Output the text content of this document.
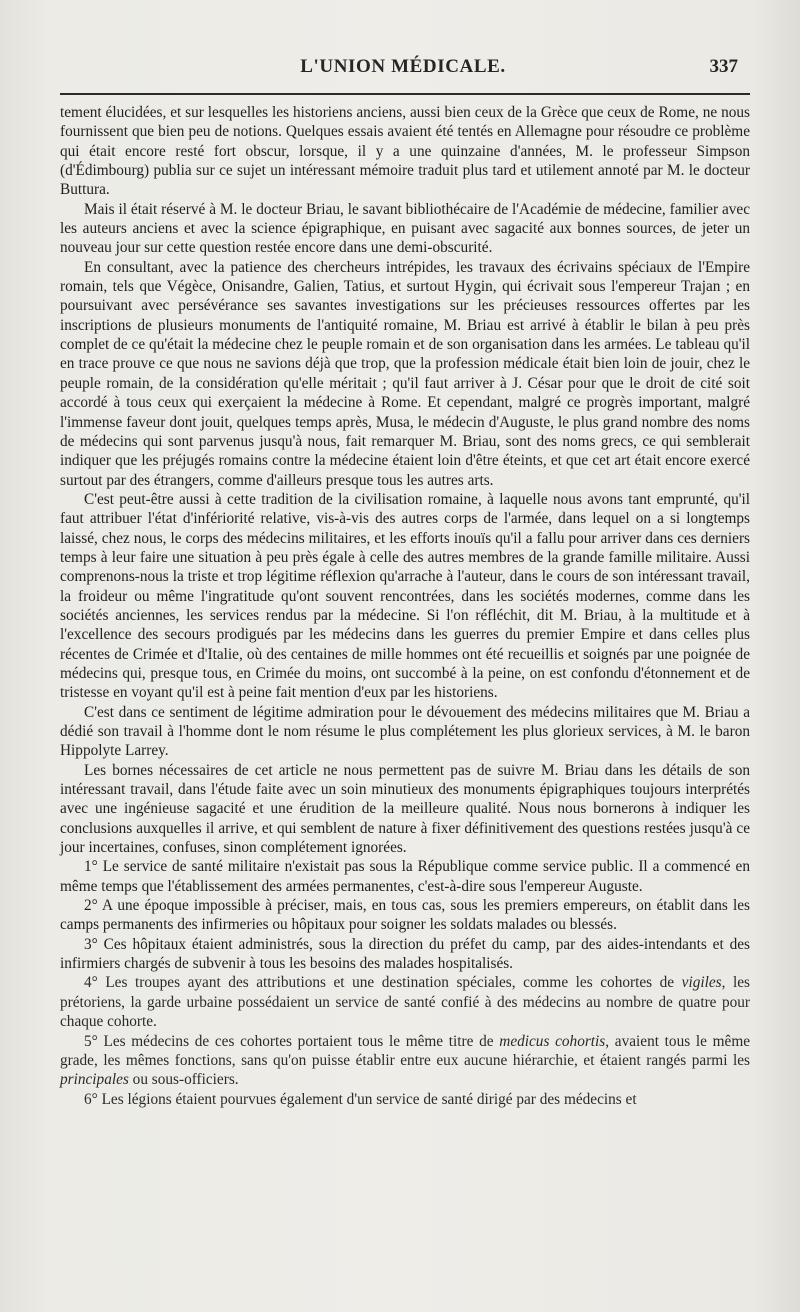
L'UNION MÉDICALE.	337

tement élucidées, et sur lesquelles les historiens anciens, aussi bien ceux de la Grèce que ceux de Rome, ne nous fournissent que bien peu de notions. Quelques essais avaient été tentés en Allemagne pour résoudre ce problème qui était encore resté fort obscur, lorsque, il y a une quinzaine d'années, M. le professeur Simpson (d'Édimbourg) publia sur ce sujet un intéressant mémoire traduit plus tard et utilement annoté par M. le docteur Buttura.

Mais il était réservé à M. le docteur Briau, le savant bibliothécaire de l'Académie de médecine, familier avec les auteurs anciens et avec la science épigraphique, en puisant avec sagacité aux bonnes sources, de jeter un nouveau jour sur cette question restée encore dans une demi-obscurité.

En consultant, avec la patience des chercheurs intrépides, les travaux des écrivains spéciaux de l'Empire romain, tels que Végèce, Onisandre, Galien, Tatius, et surtout Hygin, qui écrivait sous l'empereur Trajan ; en poursuivant avec persévérance ses savantes investigations sur les précieuses ressources offertes par les inscriptions de plusieurs monuments de l'antiquité romaine, M. Briau est arrivé à établir le bilan à peu près complet de ce qu'était la médecine chez le peuple romain et de son organisation dans les armées. Le tableau qu'il en trace prouve ce que nous ne savions déjà que trop, que la profession médicale était bien loin de jouir, chez le peuple romain, de la considération qu'elle méritait ; qu'il faut arriver à J. César pour que le droit de cité soit accordé à tous ceux qui exerçaient la médecine à Rome. Et cependant, malgré ce progrès important, malgré l'immense faveur dont jouit, quelques temps après, Musa, le médecin d'Auguste, le plus grand nombre des noms de médecins qui sont parvenus jusqu'à nous, fait remarquer M. Briau, sont des noms grecs, ce qui semblerait indiquer que les préjugés romains contre la médecine étaient loin d'être éteints, et que cet art était encore exercé surtout par des étrangers, comme d'ailleurs presque tous les autres arts.

C'est peut-être aussi à cette tradition de la civilisation romaine, à laquelle nous avons tant emprunté, qu'il faut attribuer l'état d'infériorité relative, vis-à-vis des autres corps de l'armée, dans lequel on a si longtemps laissé, chez nous, le corps des médecins militaires, et les efforts inouïs qu'il a fallu pour arriver dans ces derniers temps à leur faire une situation à peu près égale à celle des autres membres de la grande famille militaire. Aussi comprenons-nous la triste et trop légitime réflexion qu'arrache à l'auteur, dans le cours de son intéressant travail, la froideur ou même l'ingratitude qu'ont souvent rencontrées, dans les sociétés modernes, comme dans les sociétés anciennes, les services rendus par la médecine. Si l'on réfléchit, dit M. Briau, à la multitude et à l'excellence des secours prodigués par les médecins dans les guerres du premier Empire et dans celles plus récentes de Crimée et d'Italie, où des centaines de mille hommes ont été recueillis et soignés par une poignée de médecins qui, presque tous, en Crimée du moins, ont succombé à la peine, on est confondu d'étonnement et de tristesse en voyant qu'il est à peine fait mention d'eux par les historiens.

C'est dans ce sentiment de légitime admiration pour le dévouement des médecins militaires que M. Briau a dédié son travail à l'homme dont le nom résume le plus complétement les plus glorieux services, à M. le baron Hippolyte Larrey.

Les bornes nécessaires de cet article ne nous permettent pas de suivre M. Briau dans les détails de son intéressant travail, dans l'étude faite avec un soin minutieux des monuments épigraphiques toujours interprétés avec une ingénieuse sagacité et une érudition de la meilleure qualité. Nous nous bornerons à indiquer les conclusions auxquelles il arrive, et qui semblent de nature à fixer définitivement des questions restées jusqu'à ce jour incertaines, confuses, sinon complétement ignorées.

1° Le service de santé militaire n'existait pas sous la République comme service public. Il a commencé en même temps que l'établissement des armées permanentes, c'est-à-dire sous l'empereur Auguste.

2° A une époque impossible à préciser, mais, en tous cas, sous les premiers empereurs, on établit dans les camps permanents des infirmeries ou hôpitaux pour soigner les soldats malades ou blessés.

3° Ces hôpitaux étaient administrés, sous la direction du préfet du camp, par des aides-intendants et des infirmiers chargés de subvenir à tous les besoins des malades hospitalisés.

4° Les troupes ayant des attributions et une destination spéciales, comme les cohortes de vigiles, les prétoriens, la garde urbaine possédaient un service de santé confié à des médecins au nombre de quatre pour chaque cohorte.

5° Les médecins de ces cohortes portaient tous le même titre de medicus cohortis, avaient tous le même grade, les mêmes fonctions, sans qu'on puisse établir entre eux aucune hiérarchie, et étaient rangés parmi les principales ou sous-officiers.

6° Les légions étaient pourvues également d'un service de santé dirigé par des médecins et
